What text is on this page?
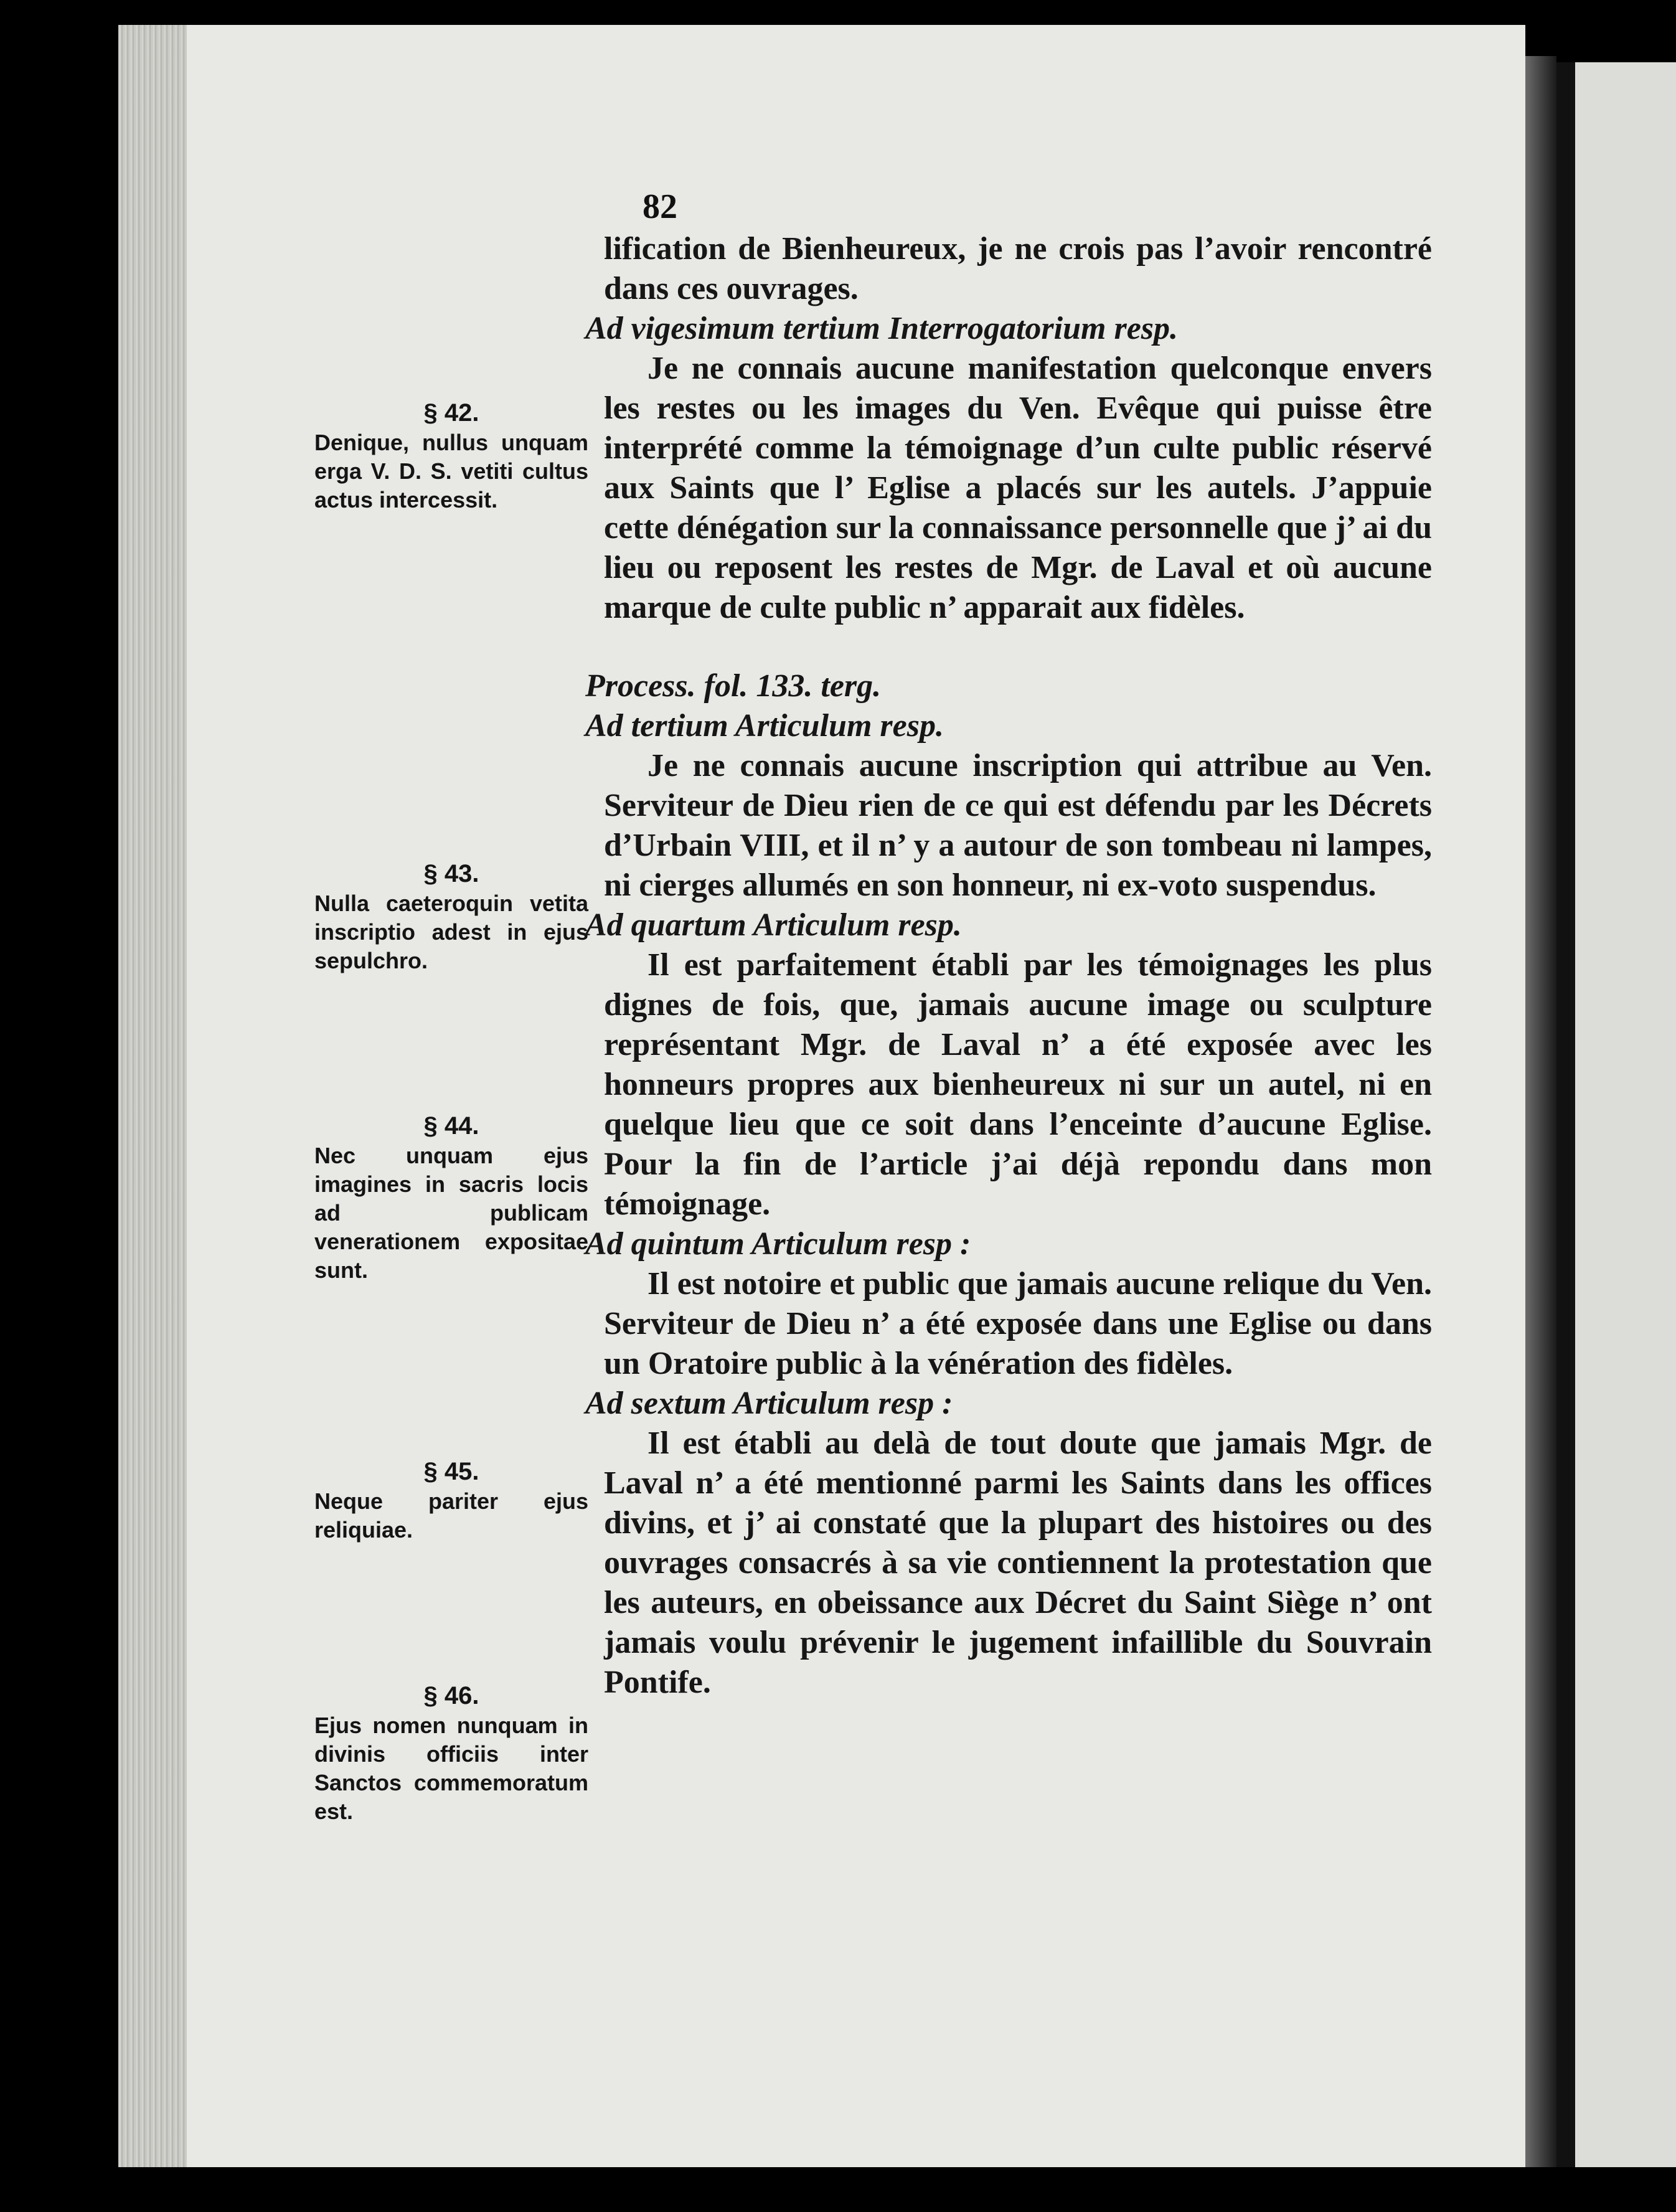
82
§ 42.
Denique, nullus unquam erga V. D. S. vetiti cultus actus intercessit.
§ 43.
Nulla caeteroquin vetita inscriptio adest in ejus sepulchro.
§ 44.
Nec unquam ejus imagines in sacris locis ad publicam venerationem expositae sunt.
§ 45.
Neque pariter ejus reliquiae.
§ 46.
Ejus nomen nunquam in divinis officiis inter Sanctos commemoratum est.

lification de Bienheureux, je ne crois pas l’avoir rencontré dans ces ouvrages.

Ad vigesimum tertium Interrogatorium resp.

Je ne connais aucune manifestation quelconque envers les restes ou les images du Ven. Evêque qui puisse être interprété comme la témoignage d’un culte public réservé aux Saints que l’ Eglise a placés sur les autels. J’appuie cette dénégation sur la connaissance personnelle que j’ ai du lieu ou reposent les restes de Mgr. de Laval et où aucune marque de culte public n’ apparait aux fidèles.

Process. fol. 133. terg.

Ad tertium Articulum resp.

Je ne connais aucune inscription qui attribue au Ven. Serviteur de Dieu rien de ce qui est défendu par les Décrets d’Urbain VIII, et il n’ y a autour de son tombeau ni lampes, ni cierges allumés en son honneur, ni ex-voto suspendus.

Ad quartum Articulum resp.

Il est parfaitement établi par les témoignages les plus dignes de fois, que, jamais aucune image ou sculpture représentant Mgr. de Laval n’ a été exposée avec les honneurs propres aux bienheureux ni sur un autel, ni en quelque lieu que ce soit dans l’enceinte d’aucune Eglise. Pour la fin de l’article j’ai déjà repondu dans mon témoignage.

Ad quintum Articulum resp :

Il est notoire et public que jamais aucune relique du Ven. Serviteur de Dieu n’ a été exposée dans une Eglise ou dans un Oratoire public à la vénération des fidèles.

Ad sextum Articulum resp :

Il est établi au delà de tout doute que jamais Mgr. de Laval n’ a été mentionné parmi les Saints dans les offices divins, et j’ ai constaté que la plupart des histoires ou des ouvrages consacrés à sa vie contiennent la protestation que les auteurs, en obeissance aux Décret du Saint Siège n’ ont jamais voulu prévenir le jugement infaillible du Souvrain Pontife.
